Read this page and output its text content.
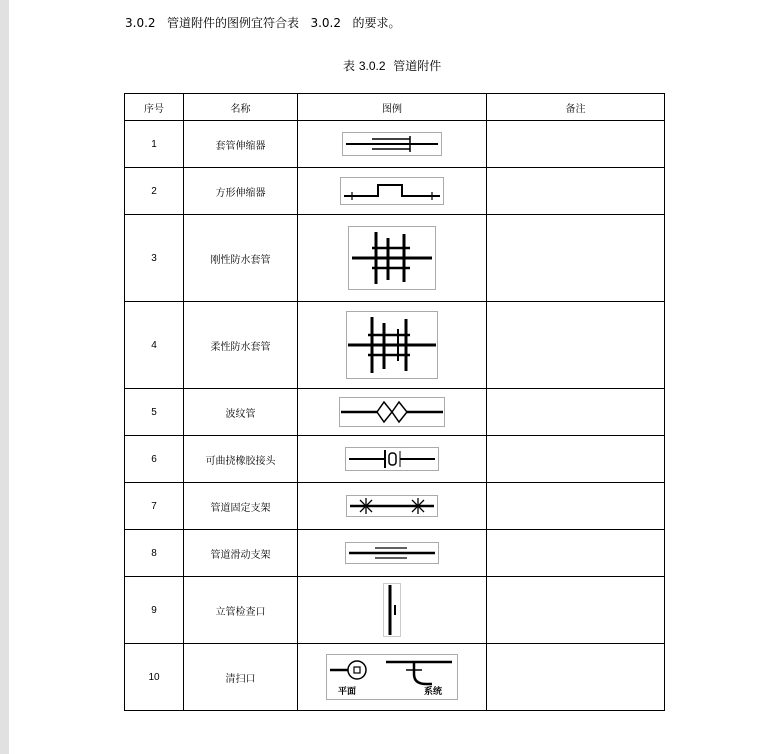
3.0.2 管道附件的图例宜符合表 3.0.2 的要求。
表 3.0.2 管道附件
序号	名称	图例	备注
1	套管伸缩器	

2	方形伸缩器	

3	刚性防水套管	

4	柔性防水套管	

5	波纹管	

6	可曲挠橡胶接头	

7	管道固定支架	

8	管道滑动支架	

9	立管检查口	

10	清扫口	平面 系统	
